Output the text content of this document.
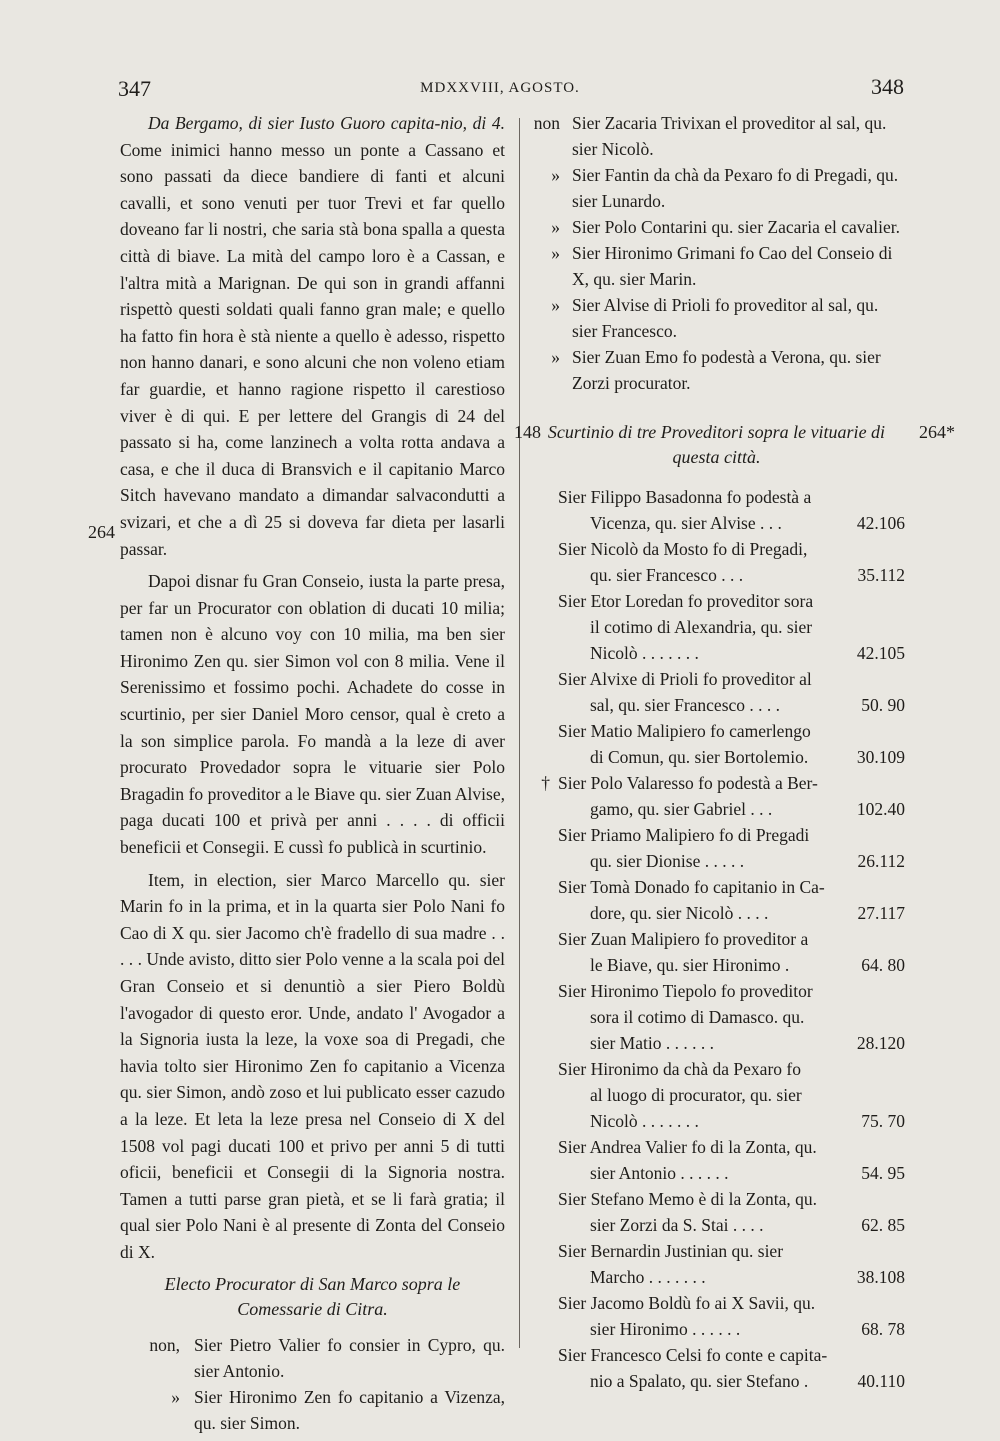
347	MDXXVIII, AGOSTO.	348
264

Da Bergamo, di sier Iusto Guoro capita-nio, di 4. Come inimici hanno messo un ponte a Cassano et sono passati da diece bandiere di fanti et alcuni cavalli, et sono venuti per tuor Trevi et far quello doveano far li nostri, che saria stà bona spalla a questa città di biave. La mità del campo loro è a Cassan, e l'altra mità a Marignan. De qui son in grandi affanni rispettò questi soldati quali fanno gran male; e quello ha fatto fin hora è stà niente a quello è adesso, rispetto non hanno danari, e sono alcuni che non voleno etiam far guardie, et hanno ragione rispetto il carestioso viver è di qui. E per lettere del Grangis di 24 del passato si ha, come lanzinech a volta rotta andava a casa, e che il duca di Bransvich e il capitanio Marco Sitch havevano mandato a dimandar salvacondutti a svizari, et che a dì 25 si doveva far dieta per lasarli passar.

Dapoi disnar fu Gran Conseio, iusta la parte presa, per far un Procurator con oblation di ducati 10 milia; tamen non è alcuno voy con 10 milia, ma ben sier Hironimo Zen qu. sier Simon vol con 8 milia. Vene il Serenissimo et fossimo pochi. Achadete do cosse in scurtinio, per sier Daniel Moro censor, qual è creto a la son simplice parola. Fo mandà a la leze di aver procurato Provedador sopra le vituarie sier Polo Bragadin fo proveditor a le Biave qu. sier Zuan Alvise, paga ducati 100 et privà per anni . . . . di officii beneficii et Consegii. E cussì fo publicà in scurtinio.

Item, in election, sier Marco Marcello qu. sier Marin fo in la prima, et in la quarta sier Polo Nani fo Cao di X qu. sier Jacomo ch'è fradello di sua madre . . . . . Unde avisto, ditto sier Polo venne a la scala poi del Gran Conseio et si denuntiò a sier Piero Boldù l'avogador di questo eror. Unde, andato l' Avogador a la Signoria iusta la leze, la voxe soa di Pregadi, che havia tolto sier Hironimo Zen fo capitanio a Vicenza qu. sier Simon, andò zoso et lui publicato esser cazudo a la leze. Et leta la leze presa nel Conseio di X del 1508 vol pagi ducati 100 et privo per anni 5 di tutti oficii, beneficii et Consegii di la Signoria nostra. Tamen a tutti parse gran pietà, et se li farà gratia; il qual sier Polo Nani è al presente di Zonta del Conseio di X.

Electo Procurator di San Marco sopra le Comessarie di Citra.
non, Sier Pietro Valier fo consier in Cypro, qu. sier Antonio.
» Sier Hironimo Zen fo capitanio a Vizenza, qu. sier Simon.
non Sier Zacaria Trivixan el proveditor al sal, qu. sier Nicolò.
» Sier Fantin da chà da Pexaro fo di Pregadi, qu. sier Lunardo.
» Sier Polo Contarini qu. sier Zacaria el cavalier.
» Sier Hironimo Grimani fo Cao del Conseio di X, qu. sier Marin.
» Sier Alvise di Prioli fo proveditor al sal, qu. sier Francesco.
» Sier Zuan Emo fo podestà a Verona, qu. sier Zorzi procurator.
148 Scurtinio di tre Proveditori sopra le vituarie di questa città.
264*
Sier Filippo Basadonna fo podestà a
Vicenza, qu. sier Alvise . . .	42.106
Sier Nicolò da Mosto fo di Pregadi,
qu. sier Francesco . . .	35.112
Sier Etor Loredan fo proveditor sora
il cotimo di Alexandria, qu. sier
Nicolò . . . . . . .	42.105
Sier Alvixe di Prioli fo proveditor al
sal, qu. sier Francesco . . . .	50. 90
Sier Matio Malipiero fo camerlengo
di Comun, qu. sier Bortolemio.	30.109
† Sier Polo Valaresso fo podestà a Ber-
gamo, qu. sier Gabriel . . .	102.40
Sier Priamo Malipiero fo di Pregadi
qu. sier Dionise . . . . .	26.112
Sier Tomà Donado fo capitanio in Ca-
dore, qu. sier Nicolò . . . .	27.117
Sier Zuan Malipiero fo proveditor a
le Biave, qu. sier Hironimo .	64. 80
Sier Hironimo Tiepolo fo proveditor
sora il cotimo di Damasco. qu.
sier Matio . . . . . .	28.120
Sier Hironimo da chà da Pexaro fo
al luogo di procurator, qu. sier
Nicolò . . . . . . .	75. 70
Sier Andrea Valier fo di la Zonta, qu.
sier Antonio . . . . . .	54. 95
Sier Stefano Memo è di la Zonta, qu.
sier Zorzi da S. Stai . . . .	62. 85
Sier Bernardin Justinian qu. sier
Marcho . . . . . . .	38.108
Sier Jacomo Boldù fo ai X Savii, qu.
sier Hironimo . . . . . .	68. 78
Sier Francesco Celsi fo conte e capita-
nio a Spalato, qu. sier Stefano .	40.110
